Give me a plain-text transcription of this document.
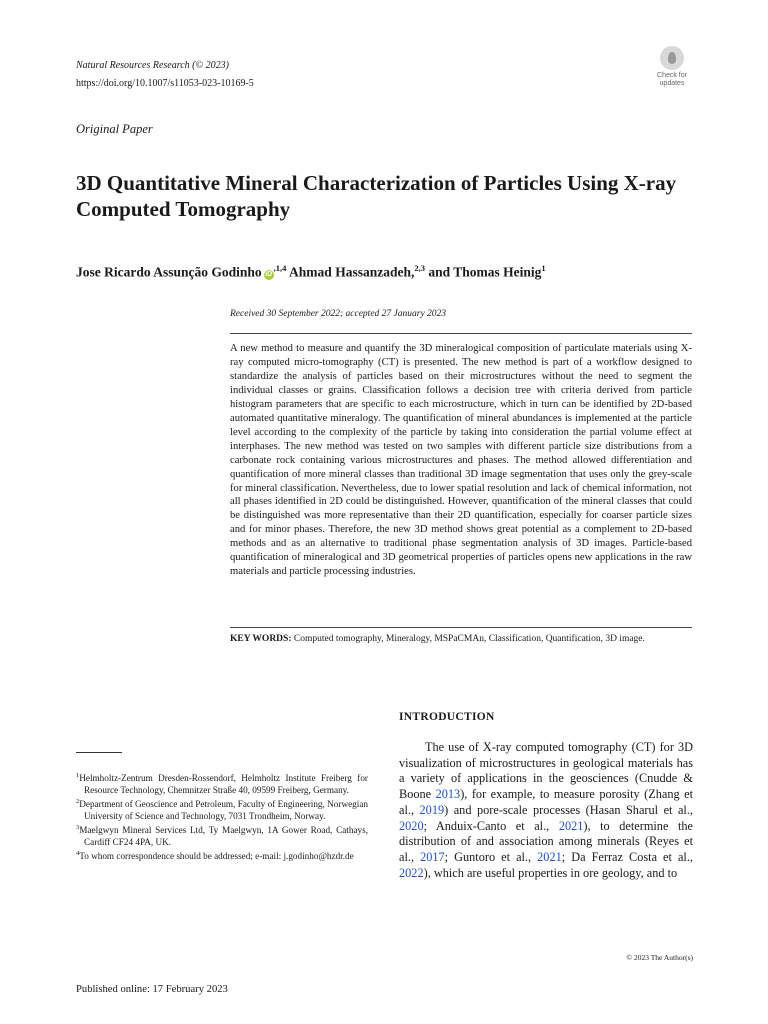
Natural Resources Research (© 2023)
https://doi.org/10.1007/s11053-023-10169-5
Check for
updates
Original Paper
3D Quantitative Mineral Characterization of Particles Using X-ray Computed Tomography
Jose Ricardo Assunção Godinho $iD^{,1,4}$ Ahmad Hassanzadeh,$^{2,3}$ and Thomas Heinig$^1$
Received 30 September 2022; accepted 27 January 2023
A new method to measure and quantify the 3D mineralogical composition of particulate materials using X-ray computed micro-tomography (CT) is presented. The new method is part of a workflow designed to standardize the analysis of particles based on their microstructures without the need to segment the individual classes or grains. Classification follows a decision tree with criteria derived from particle histogram parameters that are specific to each microstructure, which in turn can be identified by 2D-based automated quantitative mineralogy. The quantification of mineral abundances is implemented at the particle level according to the complexity of the particle by taking into consideration the partial volume effect at interphases. The new method was tested on two samples with different particle size distributions from a carbonate rock containing various microstructures and phases. The method allowed differentiation and quantification of more mineral classes than traditional 3D image segmentation that uses only the grey-scale for mineral classification. Nevertheless, due to lower spatial resolution and lack of chemical information, not all phases identified in 2D could be distinguished. However, quantification of the mineral classes that could be distinguished was more representative than their 2D quantification, especially for coarser particle sizes and for minor phases. Therefore, the new 3D method shows great potential as a complement to 2D-based methods and as an alternative to traditional phase segmentation analysis of 3D images. Particle-based quantification of mineralogical and 3D geometrical properties of particles opens new applications in the raw materials and particle processing industries.
KEY WORDS: Computed tomography, Mineralogy, MSPaCMAn, Classification, Quantification, 3D image.
INTRODUCTION

The use of X-ray computed tomography (CT) for 3D visualization of microstructures in geological materials has a variety of applications in the geosciences (Cnudde & Boone 2013), for example, to measure porosity (Zhang et al., 2019) and pore-scale processes (Hasan Sharul et al., 2020; Anduix-Canto et al., 2021), to determine the distribution of and association among minerals (Reyes et al., 2017; Guntoro et al., 2021; Da Ferraz Costa et al., 2022), which are useful properties in ore geology, and to

$^1$Helmholtz-Zentrum Dresden-Rossendorf, Helmholtz Institute Freiberg for Resource Technology, Chemnitzer Straße 40, 09599 Freiberg, Germany.

$^2$Department of Geoscience and Petroleum, Faculty of Engineering, Norwegian University of Science and Technology, 7031 Trondheim, Norway.

$^3$Maelgwyn Mineral Services Ltd, Ty Maelgwyn, 1A Gower Road, Cathays, Cardiff CF24 4PA, UK.

$^4$To whom correspondence should be addressed; e-mail: j.godinho@hzdr.de

© 2023 The Author(s)
Published online: 17 February 2023
